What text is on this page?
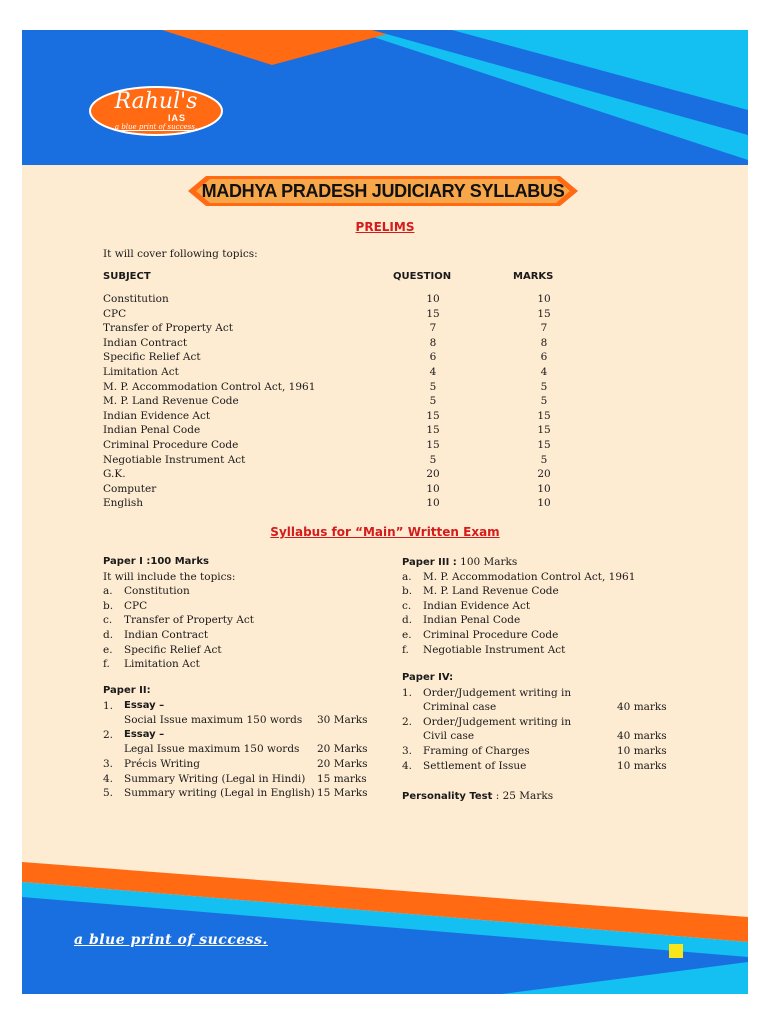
Rahul's
IAS
a blue print of success.
MADHYA PRADESH JUDICIARY SYLLABUS
PRELIMS
It will cover following topics:
SUBJECT	QUESTION	MARKS
Constitution	10	10
CPC	15	15
Transfer of Property Act	7	7
Indian Contract	8	8
Specific Relief Act	6	6
Limitation Act	4	4
M. P. Accommodation Control Act, 1961	5	5
M. P. Land Revenue Code	5	5
Indian Evidence Act	15	15
Indian Penal Code	15	15
Criminal Procedure Code	15	15
Negotiable Instrument Act	5	5
G.K.	20	20
Computer	10	10
English	10	10
Syllabus for “Main” Written Exam
Paper I :100 Marks
It will include the topics:
a. Constitution
b. CPC
c. Transfer of Property Act
d. Indian Contract
e. Specific Relief Act
f. Limitation Act
Paper II:
1. Essay –
Social Issue maximum 150 words 30 Marks
2. Essay –
Legal Issue maximum 150 words 20 Marks
3. Précis Writing	20 Marks
4. Summary Writing (Legal in Hindi) 15 marks
5. Summary writing (Legal in English) 15 Marks
Paper III : 100 Marks
a. M. P. Accommodation Control Act, 1961
b. M. P. Land Revenue Code
c. Indian Evidence Act
d. Indian Penal Code
e. Criminal Procedure Code
f. Negotiable Instrument Act
Paper IV:
1. Order/Judgement writing in
Criminal case	40 marks
2. Order/Judgement writing in
Civil case	40 marks
3. Framing of Charges	10 marks
4. Settlement of Issue	10 marks
Personality Test : 25 Marks
a blue print of success.
